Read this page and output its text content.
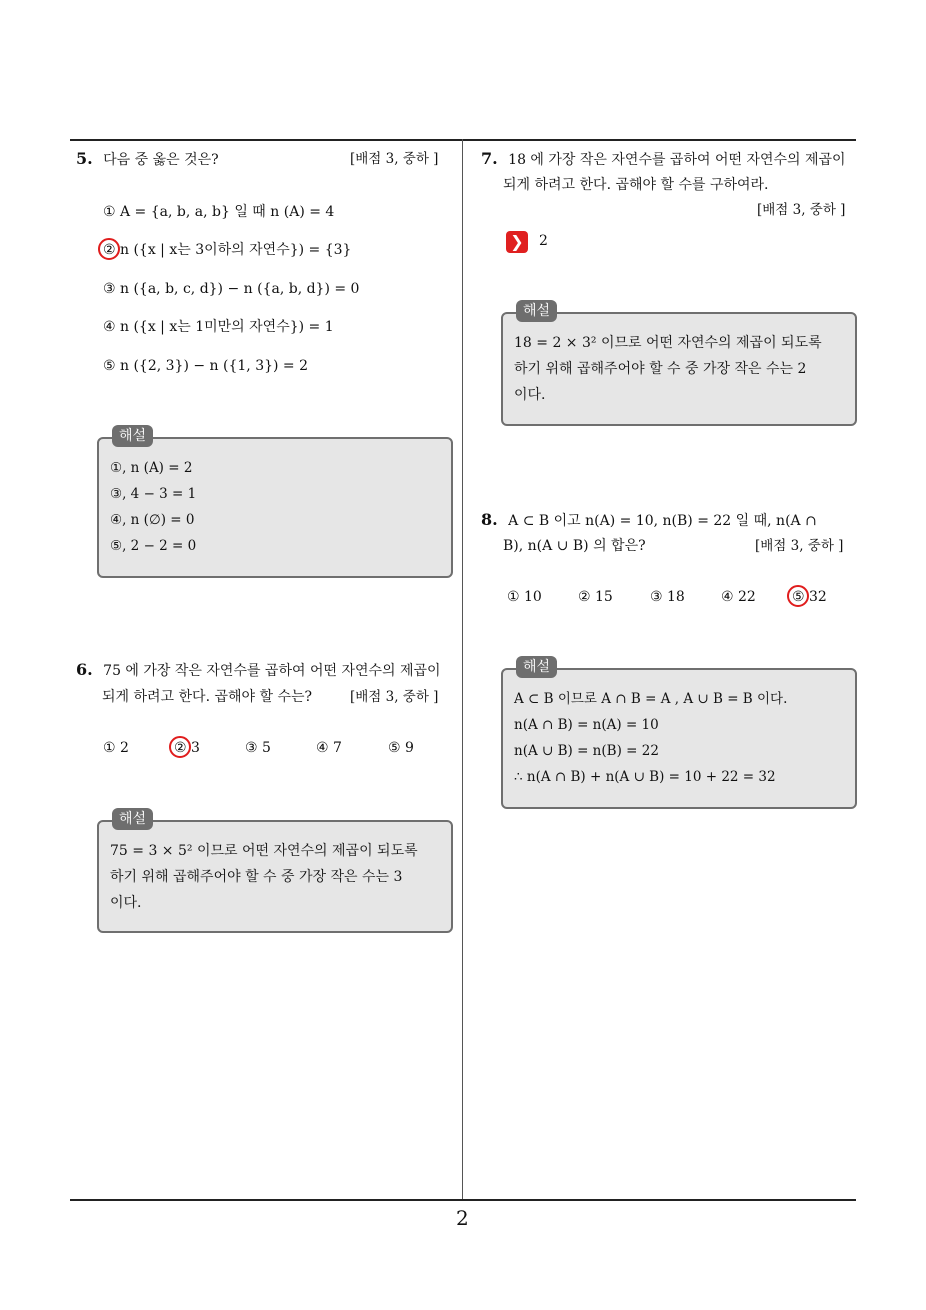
5. 다음 중 옳은 것은?	[배점 3, 중하 ]
① A = {a, b, a, b} 일 때 n (A) = 4
② n ({x | x는 3이하의 자연수}) = {3}
③ n ({a, b, c, d}) − n ({a, b, d}) = 0
④ n ({x | x는 1미만의 자연수}) = 1
⑤ n ({2, 3}) − n ({1, 3}) = 2
해설
①, n (A) = 2
③, 4 − 3 = 1
④, n (∅) = 0
⑤, 2 − 2 = 0
6. 75 에 가장 작은 자연수를 곱하여 어떤 자연수의 제곱이
되게 하려고 한다. 곱해야 할 수는?	[배점 3, 중하 ]
① 2	② 3	③ 5	④ 7	⑤ 9
해설
75 = 3 × 5² 이므로 어떤 자연수의 제곱이 되도록
하기 위해 곱해주어야 할 수 중 가장 작은 수는 3
이다.
7. 18 에 가장 작은 자연수를 곱하여 어떤 자연수의 제곱이
되게 하려고 한다. 곱해야 할 수를 구하여라.
[배점 3, 중하 ]
❯	2
해설
18 = 2 × 3² 이므로 어떤 자연수의 제곱이 되도록
하기 위해 곱해주어야 할 수 중 가장 작은 수는 2
이다.
8. A ⊂ B 이고 n(A) = 10, n(B) = 22 일 때, n(A ∩
B), n(A ∪ B) 의 합은?	[배점 3, 중하 ]
① 10	② 15	③ 18	④ 22	⑤ 32
해설
A ⊂ B 이므로 A ∩ B = A , A ∪ B = B 이다.
n(A ∩ B) = n(A) = 10
n(A ∪ B) = n(B) = 22
∴ n(A ∩ B) + n(A ∪ B) = 10 + 22 = 32
2
